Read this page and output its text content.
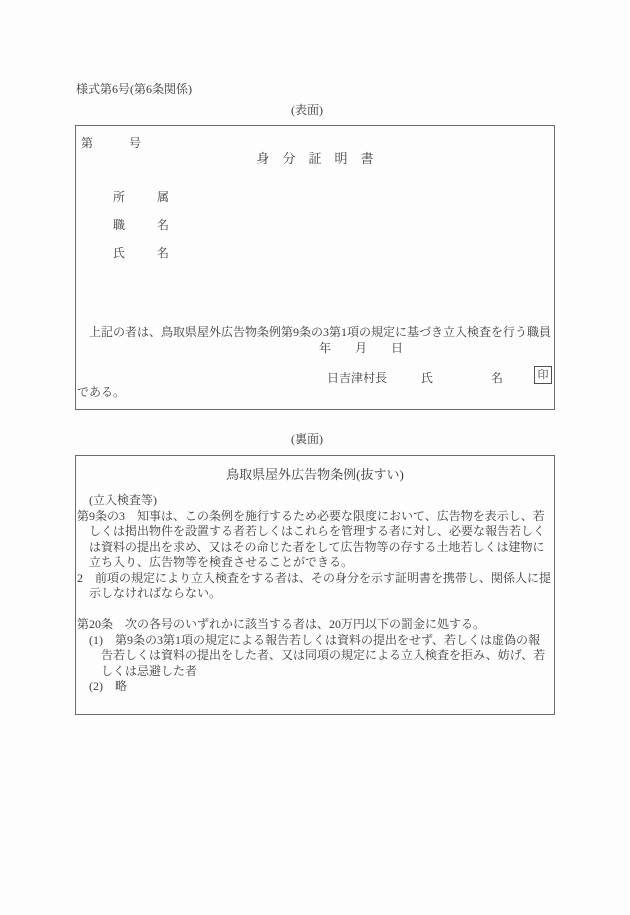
様式第6号(第6条関係)
(表面)
第　　　号
身　分　証　明　書
所	属
職	名
氏	名

　上記の者は、鳥取県屋外広告物条例第9条の3第1項の規定に基づき立入検査を行う職員

である。

年　　月　　日
日吉津村長	氏	名	印
(裏面)
鳥取県屋外広告物条例(抜すい)
　(立入検査等)
第9条の3　知事は、この条例を施行するため必要な限度において、広告物を表示し、若
　しくは掲出物件を設置する者若しくはこれらを管理する者に対し、必要な報告若しく
　は資料の提出を求め、又はその命じた者をして広告物等の存する土地若しくは建物に
　立ち入り、広告物等を検査させることができる。
2　前項の規定により立入検査をする者は、その身分を示す証明書を携帯し、関係人に提
　示しなければならない。

第20条　次の各号のいずれかに該当する者は、20万円以下の罰金に処する。
　(1)　第9条の3第1項の規定による報告若しくは資料の提出をせず、若しくは虚偽の報
　　告若しくは資料の提出をした者、又は同項の規定による立入検査を拒み、妨げ、若
　　しくは忌避した者
　(2)　略
